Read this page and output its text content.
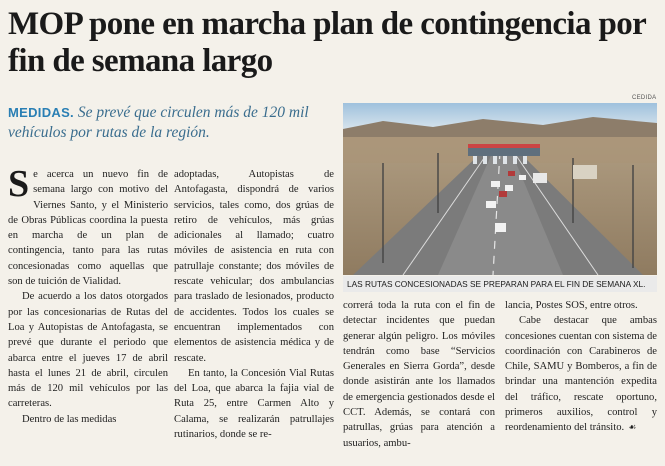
MOP pone en marcha plan de contingencia por fin de semana largo
MEDIDAS. Se prevé que circulen más de 120 mil vehículos por rutas de la región.
CEDIDA
LAS RUTAS CONCESIONADAS SE PREPARAN PARA EL FIN DE SEMANA XL.

Se acerca un nuevo fin de semana largo con motivo del Viernes Santo, y el Ministerio de Obras Públicas coordina la puesta en marcha de un plan de contingencia, tanto para las rutas concesionadas como aquellas que son de tuición de Vialidad.

De acuerdo a los datos otorgados por las concesionarias de Rutas del Loa y Autopistas de Antofagasta, se prevé que durante el periodo que abarca entre el jueves 17 de abril hasta el lunes 21 de abril, circulen más de 120 mil vehículos por las carreteras.

Dentro de las medidas

adoptadas, Autopistas de Antofagasta, dispondrá de varios servicios, tales como, dos grúas de retiro de vehículos, más grúas adicionales al llamado; cuatro móviles de asistencia en ruta con patrullaje constante; dos móviles de rescate vehicular; dos ambulancias para traslado de lesionados, producto de accidentes. Todos los cuales se encuentran implementados con elementos de asistencia médica y de rescate.

En tanto, la Concesión Vial Rutas del Loa, que abarca la fajia vial de Ruta 25, entre Carmen Alto y Calama, se realizarán patrullajes rutinarios, donde se re-

correrá toda la ruta con el fin de detectar incidentes que puedan generar algún peligro. Los móviles tendrán como base “Servicios Generales en Sierra Gorda”, desde donde asistirán ante los llamados de emergencia gestionados desde el CCT. Además, se contará con patrullas, grúas para atención a usuarios, ambu-

lancia, Postes SOS, entre otros.

Cabe destacar que ambas concesiones cuentan con sistema de coordinación con Carabineros de Chile, SAMU y Bomberos, a fin de brindar una mantención expedita del tráfico, rescate oportuno, primeros auxilios, control y reordenamiento del tránsito. ☙
